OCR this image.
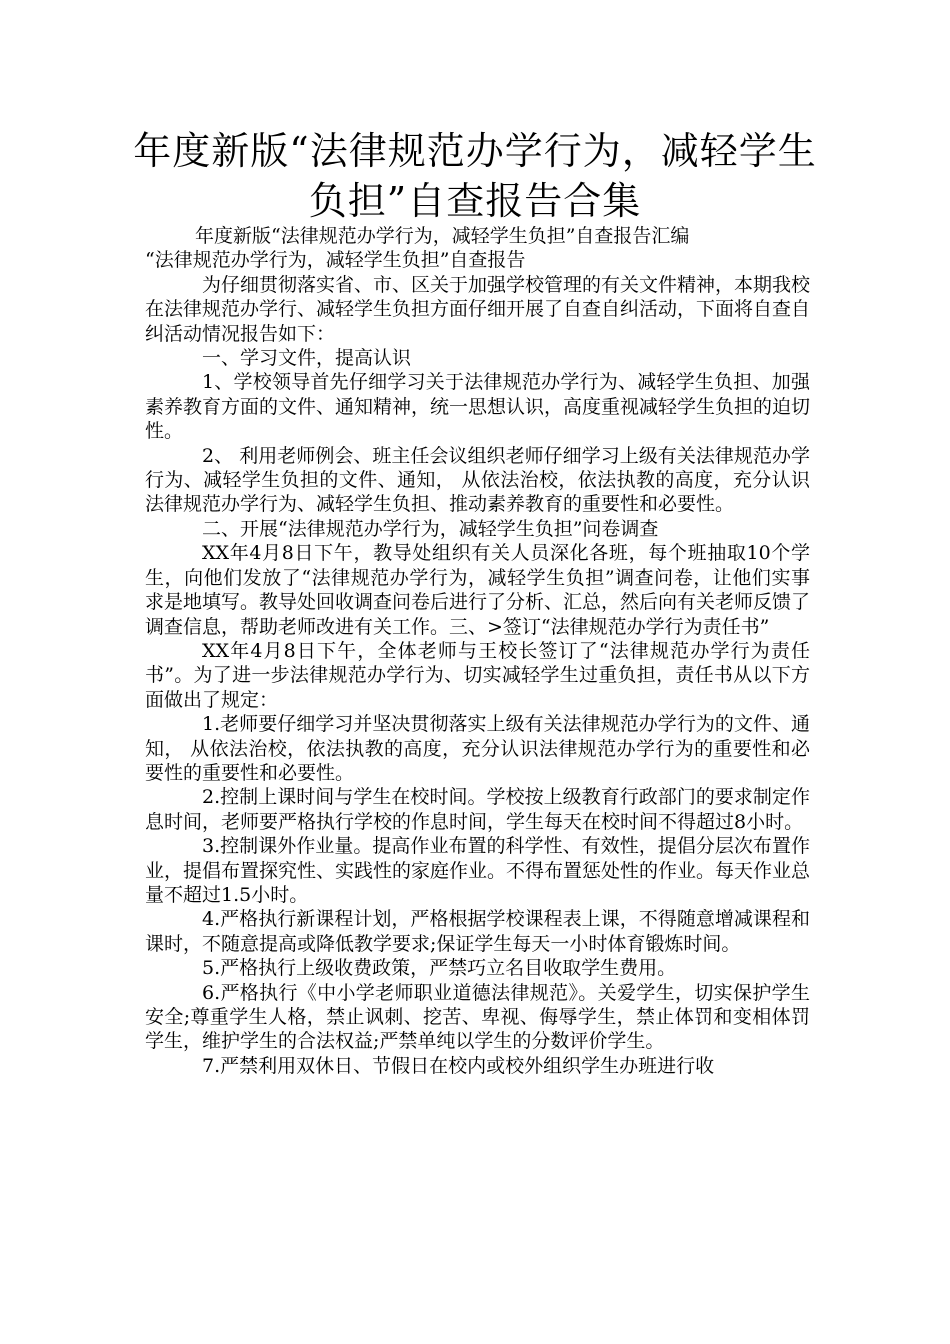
年度新版“法律规范办学行为，减轻学生
负担”自查报告合集

年度新版“法律规范办学行为，减轻学生负担”自查报告汇编

“法律规范办学行为，减轻学生负担”自查报告

为仔细贯彻落实省、市、区关于加强学校管理的有关文件精神，本期我校在法律规范办学行、减轻学生负担方面仔细开展了自查自纠活动，下面将自查自纠活动情况报告如下：

一、学习文件，提高认识

1、学校领导首先仔细学习关于法律规范办学行为、减轻学生负担、加强素养教育方面的文件、通知精神，统一思想认识，高度重视减轻学生负担的迫切性。

2、 利用老师例会、班主任会议组织老师仔细学习上级有关法律规范办学行为、减轻学生负担的文件、通知， 从依法治校，依法执教的高度，充分认识法律规范办学行为、减轻学生负担、推动素养教育的重要性和必要性。

二、开展“法律规范办学行为，减轻学生负担”问卷调查

XX年4月8日下午，教导处组织有关人员深化各班，每个班抽取10个学生，向他们发放了“法律规范办学行为，减轻学生负担”调查问卷，让他们实事求是地填写。教导处回收调查问卷后进行了分析、汇总，然后向有关老师反馈了调查信息，帮助老师改进有关工作。三、>签订“法律规范办学行为责任书”

XX年4月8日下午，全体老师与王校长签订了“法律规范办学行为责任书”。为了进一步法律规范办学行为、切实减轻学生过重负担，责任书从以下方面做出了规定：

1.老师要仔细学习并坚决贯彻落实上级有关法律规范办学行为的文件、通知， 从依法治校，依法执教的高度，充分认识法律规范办学行为的重要性和必要性的重要性和必要性。

2.控制上课时间与学生在校时间。学校按上级教育行政部门的要求制定作息时间，老师要严格执行学校的作息时间，学生每天在校时间不得超过8小时。

3.控制课外作业量。提高作业布置的科学性、有效性，提倡分层次布置作业，提倡布置探究性、实践性的家庭作业。不得布置惩处性的作业。每天作业总量不超过1.5小时。

4.严格执行新课程计划，严格根据学校课程表上课，不得随意增减课程和课时，不随意提高或降低教学要求;保证学生每天一小时体育锻炼时间。

5.严格执行上级收费政策，严禁巧立名目收取学生费用。

6.严格执行《中小学老师职业道德法律规范》。关爱学生，切实保护学生安全;尊重学生人格，禁止讽刺、挖苦、卑视、侮辱学生，禁止体罚和变相体罚学生，维护学生的合法权益;严禁单纯以学生的分数评价学生。

7.严禁利用双休日、节假日在校内或校外组织学生办班进行收
